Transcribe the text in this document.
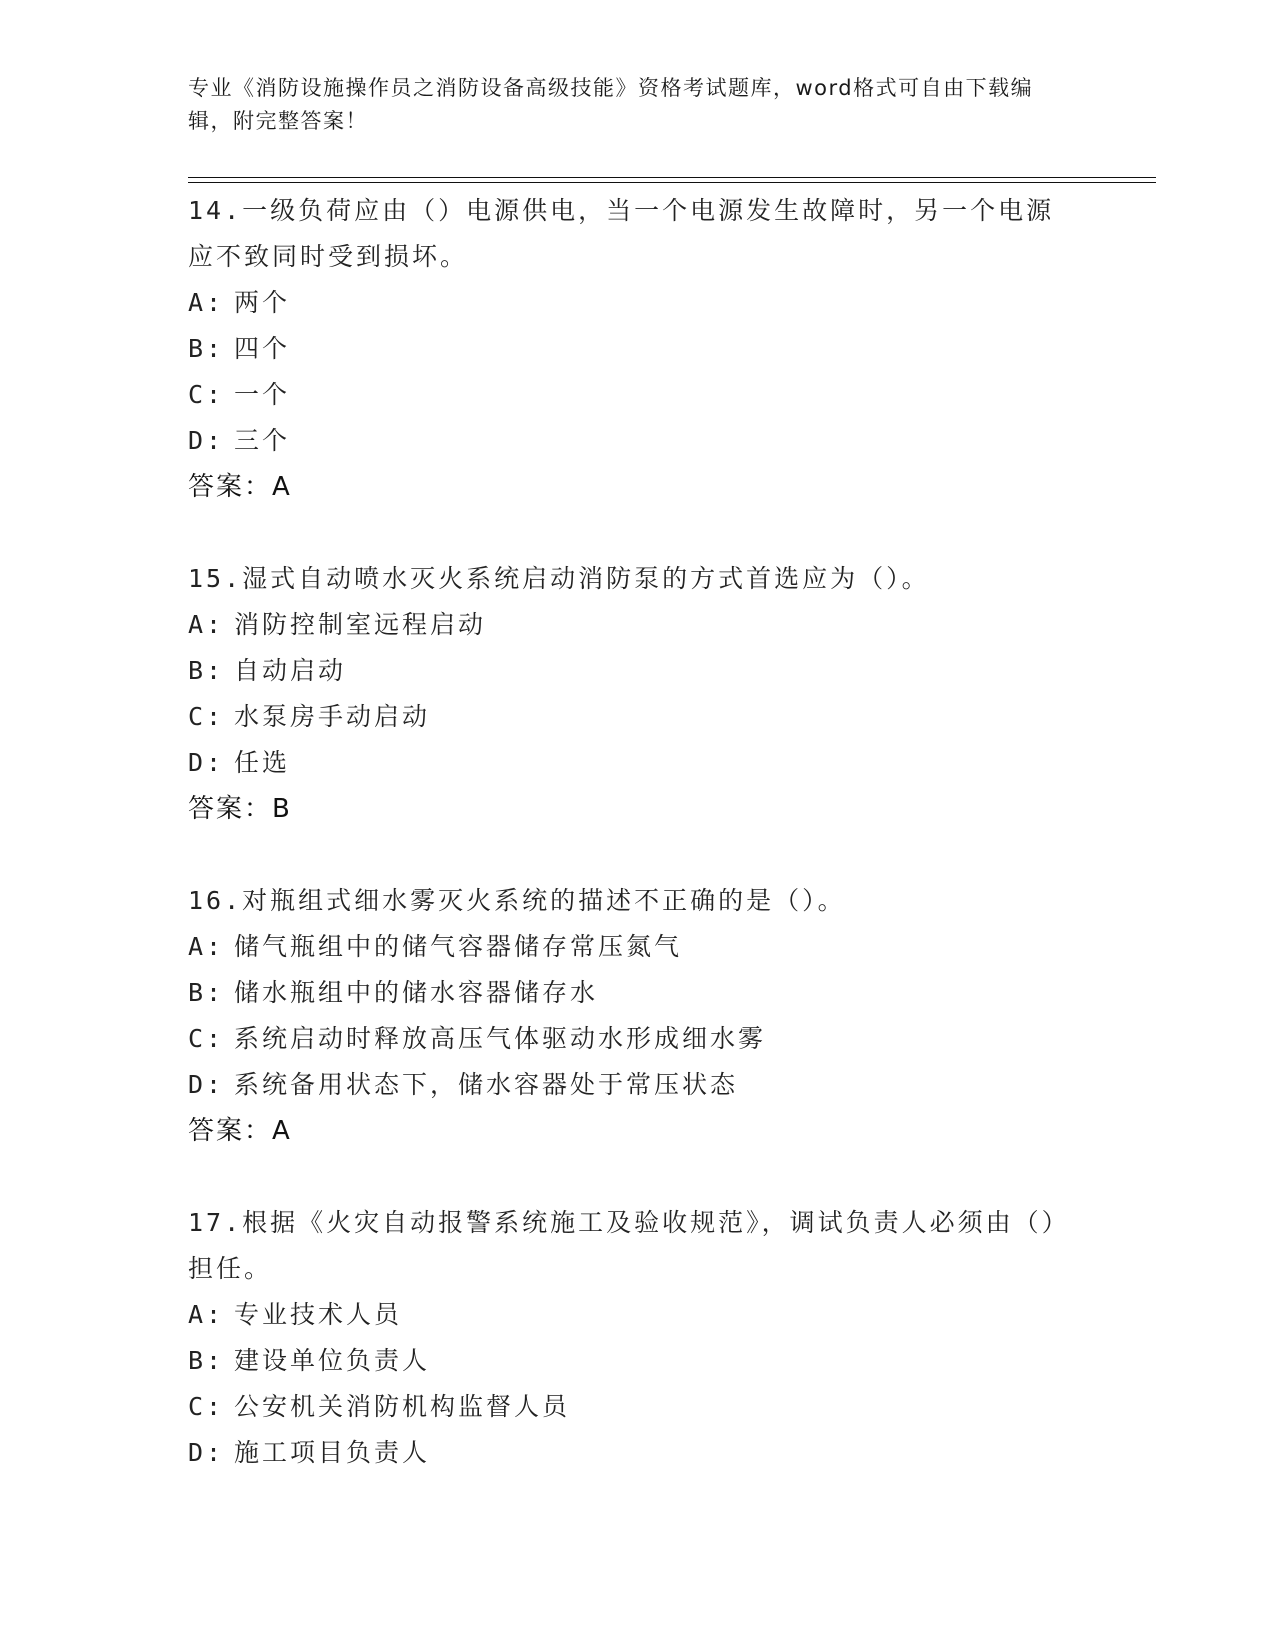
专业《消防设施操作员之消防设备高级技能》资格考试题库，word格式可自由下载编辑，附完整答案！

14.一级负荷应由（）电源供电，当一个电源发生故障时，另一个电源应不致同时受到损坏。

A: 两个

B: 四个

C: 一个

D: 三个

答案：A

15.湿式自动喷水灭火系统启动消防泵的方式首选应为（）。

A: 消防控制室远程启动

B: 自动启动

C: 水泵房手动启动

D: 任选

答案：B

16.对瓶组式细水雾灭火系统的描述不正确的是（）。

A: 储气瓶组中的储气容器储存常压氮气

B: 储水瓶组中的储水容器储存水

C: 系统启动时释放高压气体驱动水形成细水雾

D: 系统备用状态下，储水容器处于常压状态

答案：A

17.根据《火灾自动报警系统施工及验收规范》，调试负责人必须由（）担任。

A: 专业技术人员

B: 建设单位负责人

C: 公安机关消防机构监督人员

D: 施工项目负责人
